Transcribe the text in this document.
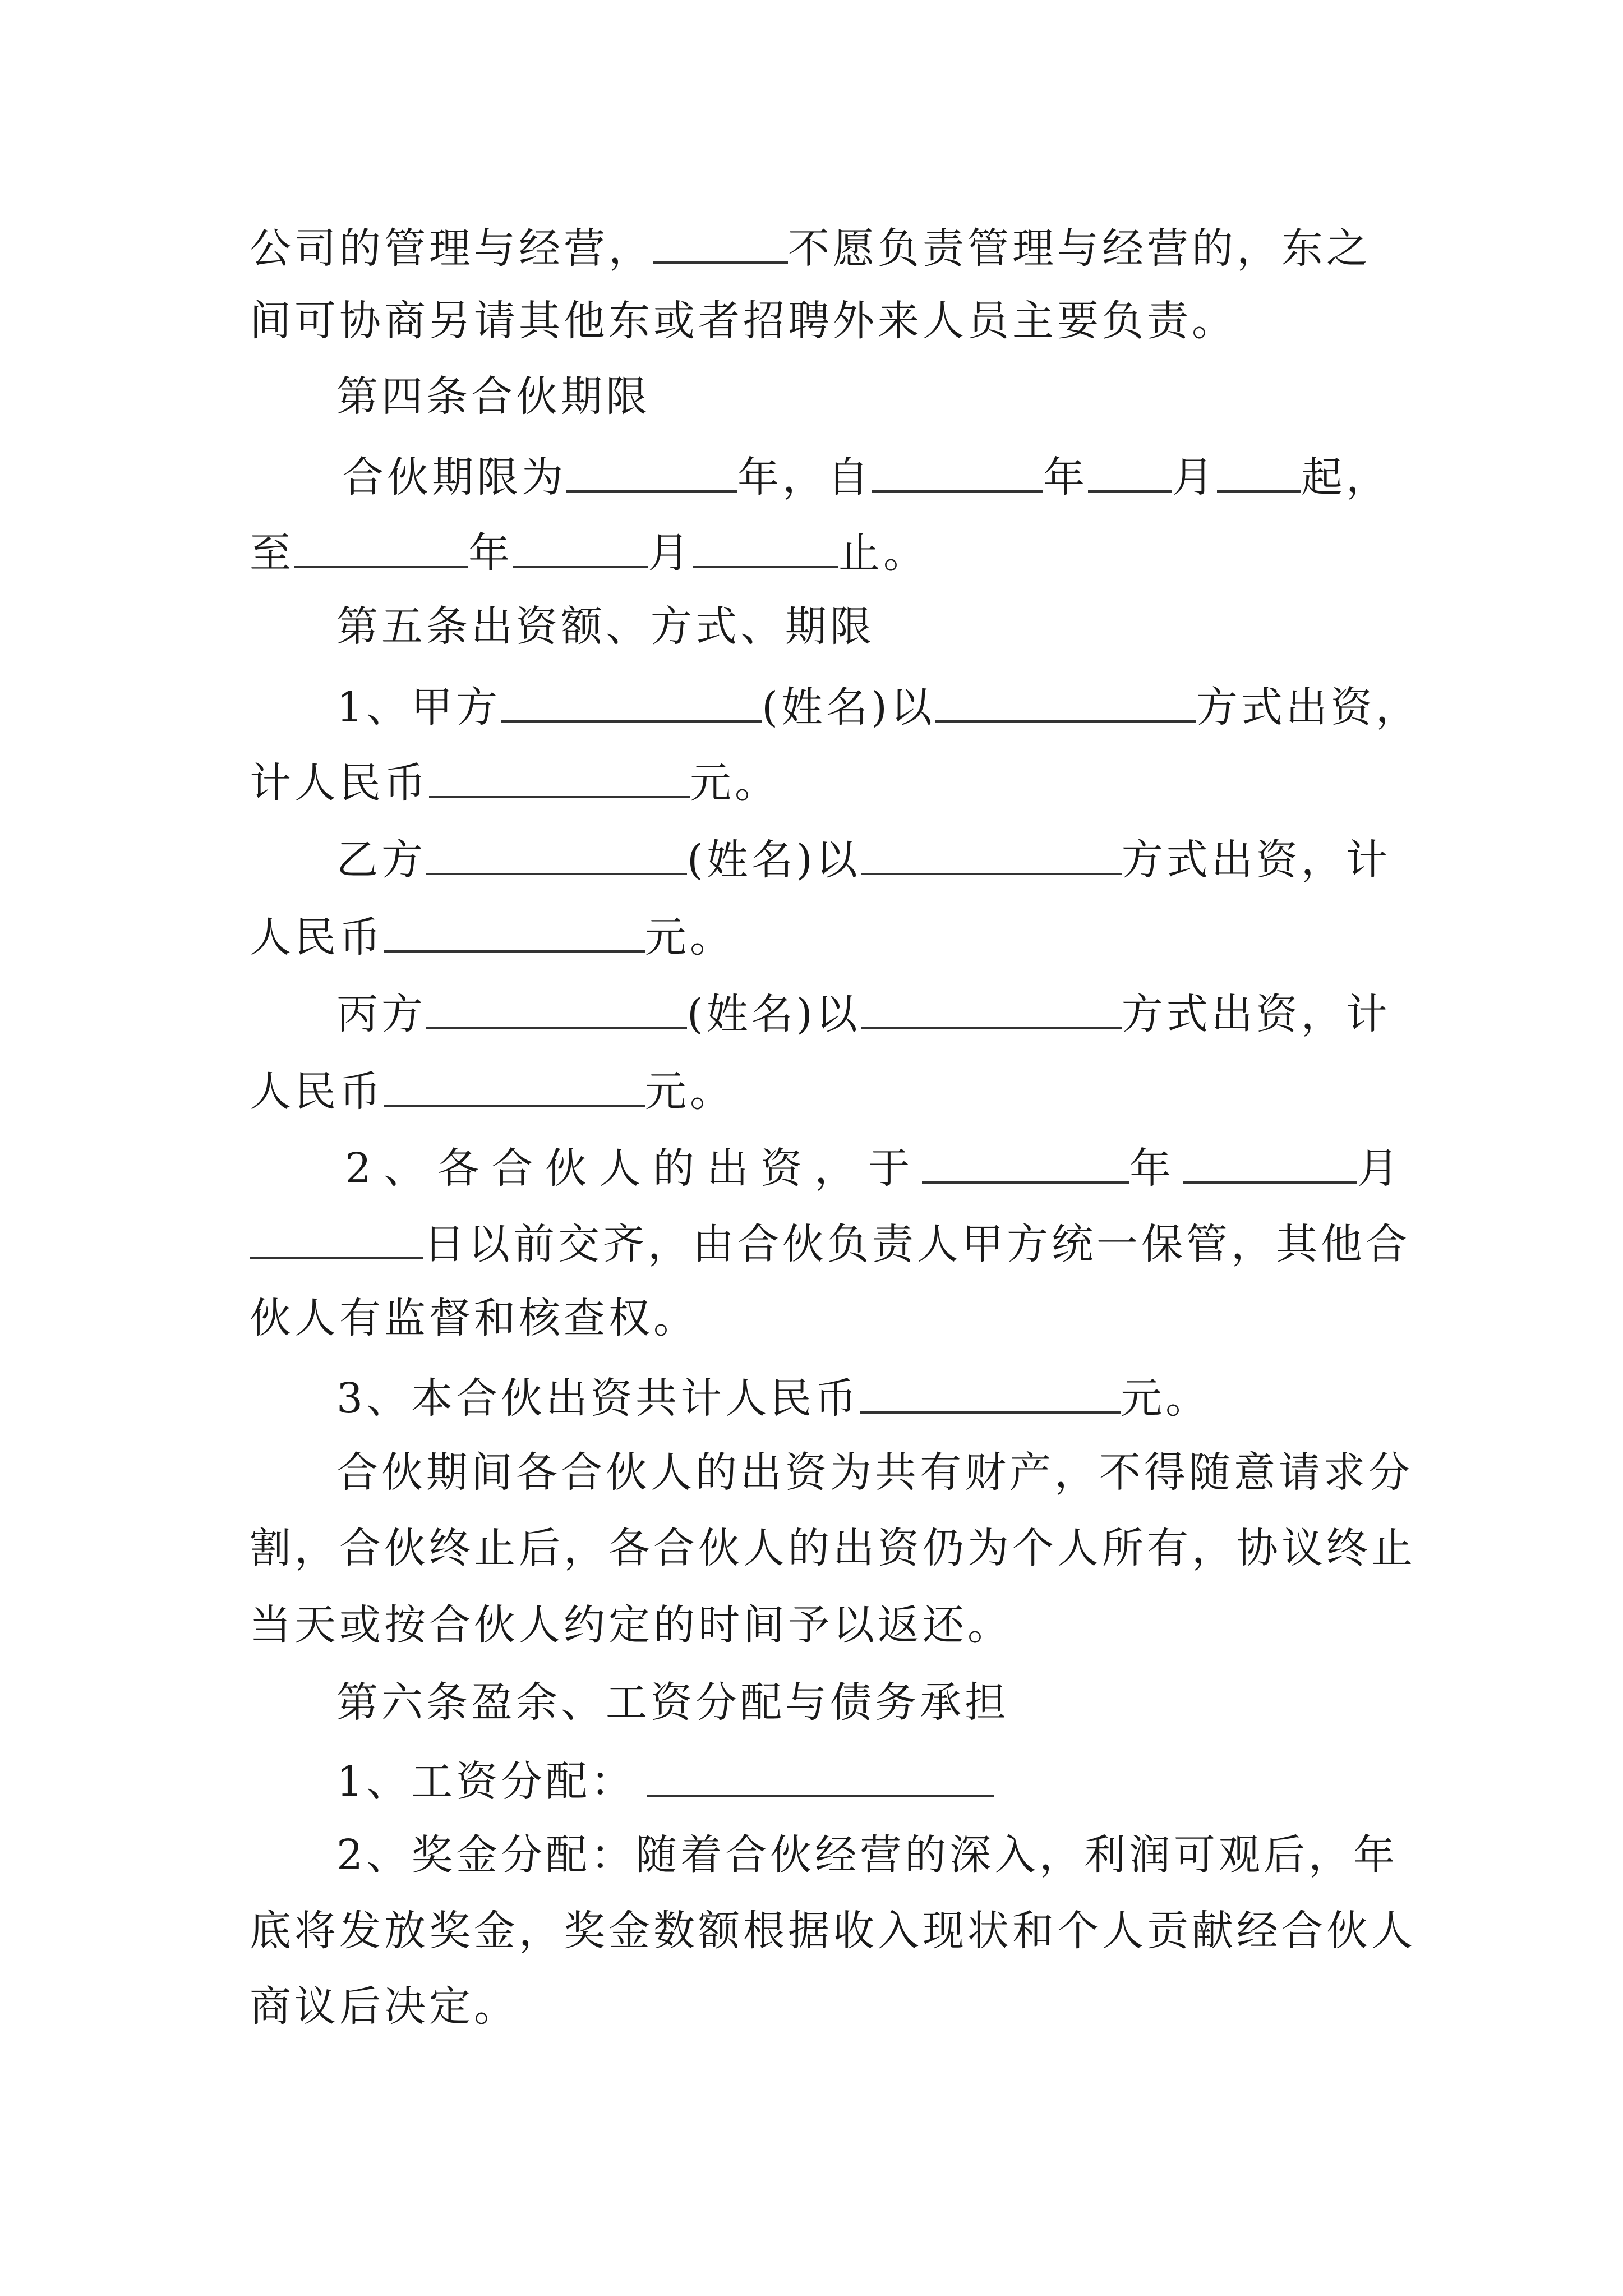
公司的管理与经营，	不愿负责管理与经营的，东之
间可协商另请其他东或者招聘外来人员主要负责。
第四条合伙期限
合伙期限为	年，自	年 月 起，
至	年	月	止。
第五条出资额、方式、期限
1、甲方	(姓名)以	方式出资，
计人民币	元。
乙方	(姓名)以	方式出资，计
人民币	元。
丙方	(姓名)以	方式出资，计
人民币	元。
2、各合伙人的出资，于	年	月
日以前交齐，由合伙负责人甲方统一保管，其他合
伙人有监督和核查权。
3、本合伙出资共计人民币	元。
合伙期间各合伙人的出资为共有财产，不得随意请求分
割，合伙终止后，各合伙人的出资仍为个人所有，协议终止
当天或按合伙人约定的时间予以返还。
第六条盈余、工资分配与债务承担
1、工资分配：
2、奖金分配：随着合伙经营的深入，利润可观后，年
底将发放奖金，奖金数额根据收入现状和个人贡献经合伙人
商议后决定。
